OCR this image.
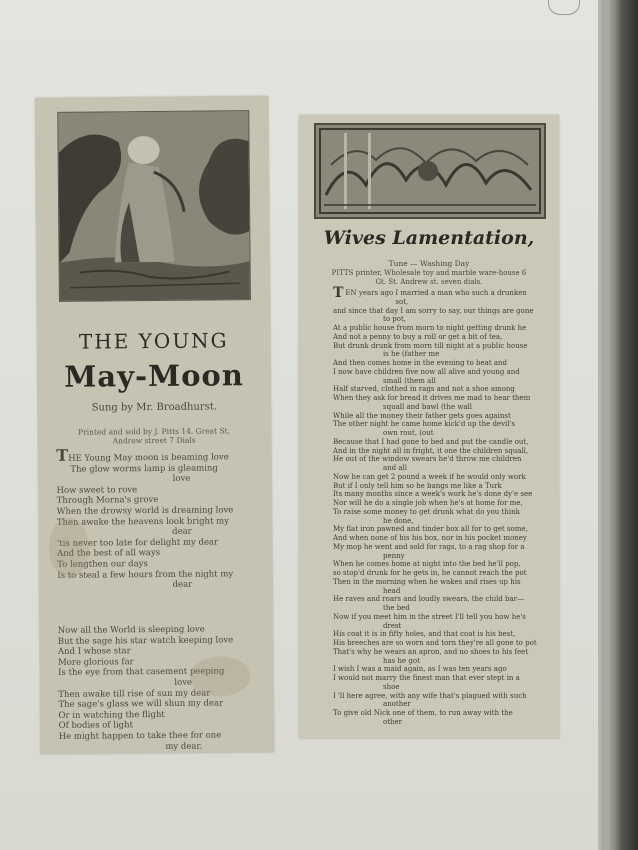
THE YOUNG
May-Moon
Sung by Mr. Broadhurst.
Printed and sold by J. Pitts 14. Great St. Andrew street 7 Dials
THE Young May moon is beaming love
The glow worms lamp is gleaming
love
How sweet to rove
Through Morna's grove
When the drowsy world is dreaming love
Then awake the heavens look bright my
dear
'tis never too late for delight my dear
And the best of all ways
To lengthen our days
Is to steal a few hours from the night my
dear
Now all the World is sleeping love
But the sage his star watch keeping love
And I whose star
More glorious far
Is the eye from that casement peeping
love
Then awake till rise of sun my dear
The sage's glass we will shun my dear
Or in watching the flight
Of bodies of light
He might happen to take thee for one
my dear.
Wives Lamentation,
Tune — Washing Day
PITTS printer, Wholesale toy and marble ware-house 6 Gt. St. Andrew st. seven dials.
T EN years ago I married a man who such a drunken
sot,
and since that day I am sorry to say, our things are gone
to pot,
At a public house from morn to night getting drunk he
And not a penny to buy a roll or get a bit of tea,
But drunk drunk from morn till night at a public house
is he (father me
And then comes home in the evening to beat and
I now have children five now all alive and young and
small (them all
Half starved, clothed in rags and not a shoe among
When they ask for bread it drives me mad to hear them
squall and bawl (the wall
While all the money their father gets goes against
The other night he came home kick'd up the devil's
own rout, (out
Because that I had gone to bed and put the candle out,
And in the night all in fright, it one the children squall,
He out of the window swears he'd throw me children
and all
Now he can get 2 pound a week if he would only work
But if I only tell him so he bangs me like a Turk
Its many months since a week's work he's done dy'e see
Nor will he do a single job when he's at home for me,
To raise some money to get drunk what do you think
he done,
My flat iron pawned and tinder box all for to get some,
And when none of his his box, nor in his pocket money
My mop he went and sold for rags, to a rag shop for a
penny
When he comes home at night into the bed he'll pop,
so stop'd drunk for he gets in, he cannot reach the pot
Then in the morning when he wakes and rises up his
head
He raves and roars and loudly swears, the child bar—
the bed
Now if you meet him in the street I'll tell you how he's
drest
His coat it is in fifty holes, and that coat is his best,
His breeches are so worn and torn they're all gone to pot
That's why he wears an apron, and no shoes to his feet
has he got
I wish I was a maid again, as I was ten years ago
I would not marry the finest man that ever stept in a
shoe
I 'll here agree, with any wife that's plagued with such
another
To give old Nick one of them, to run away with the
other
